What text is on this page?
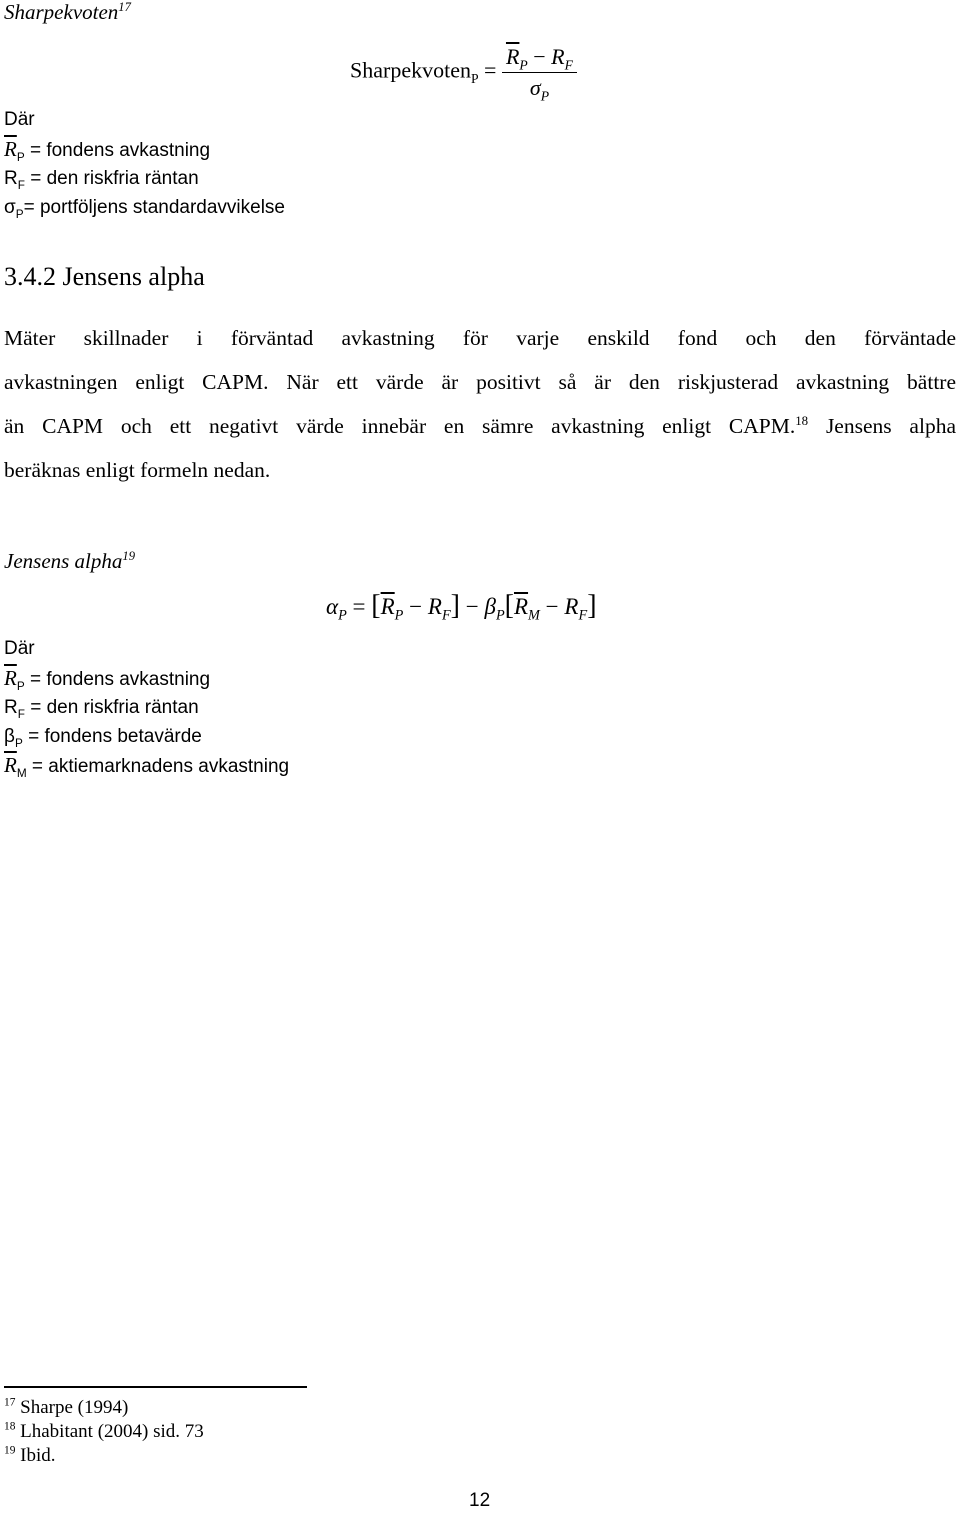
Sharpekvoten$^{17}$
Sharpekvoten$_P$ = $\frac{\overline{R}_P - R_F}{\sigma_P}$
Där
$\overline{R}_P$ = fondens avkastning
$R_F$ = den riskfria räntan
$\sigma_P=$ portföljens standardavvikelse
3.4.2 Jensens alpha
Mäter skillnader i förväntad avkastning för varje enskild fond och den förväntade
avkastningen enligt CAPM. När ett värde är positivt så är den riskjusterad avkastning bättre
än CAPM och ett negativt värde innebär en sämre avkastning enligt CAPM.$^{18}$ Jensens alpha
beräknas enligt formeln nedan.
Jensens alpha$^{19}$
$\alpha_P = [\overline{R}_P - R_F] - \beta_P[\overline{R}_M - R_F]$
Där
$\overline{R}_P$ = fondens avkastning
$R_F$ = den riskfria räntan
$\beta_P$ = fondens betavärde
$\overline{R}_M$ = aktiemarknadens avkastning
$^{17}$ Sharpe (1994)
$^{18}$ Lhabitant (2004) sid. 73
$^{19}$ Ibid.
12
